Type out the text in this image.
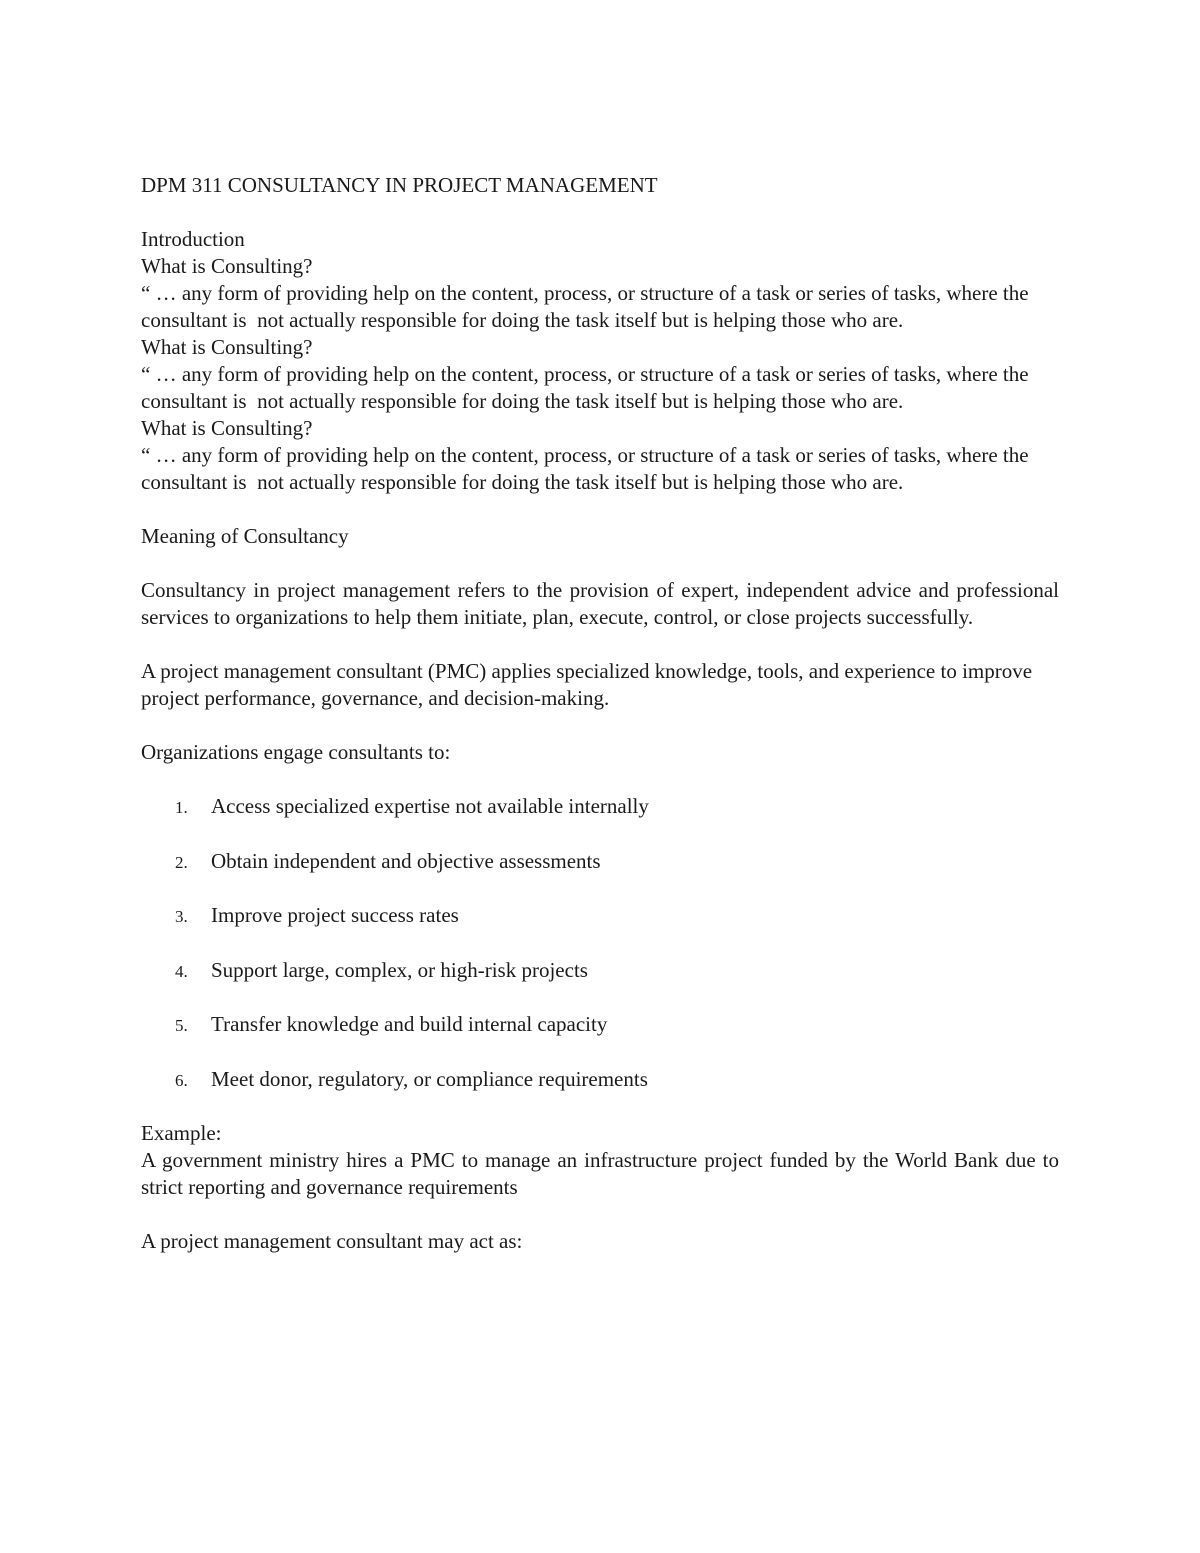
DPM 311 CONSULTANCY IN PROJECT MANAGEMENT
Introduction
What is Consulting?
“ … any form of providing help on the content, process, or structure of a task or series of tasks, where the consultant is  not actually responsible for doing the task itself but is helping those who are.
What is Consulting?
“ … any form of providing help on the content, process, or structure of a task or series of tasks, where the consultant is  not actually responsible for doing the task itself but is helping those who are.
What is Consulting?
“ … any form of providing help on the content, process, or structure of a task or series of tasks, where the consultant is  not actually responsible for doing the task itself but is helping those who are.
Meaning of Consultancy
Consultancy in project management refers to the provision of expert, independent advice and professional services to organizations to help them initiate, plan, execute, control, or close projects successfully.
A project management consultant (PMC) applies specialized knowledge, tools, and experience to improve project performance, governance, and decision-making.
Organizations engage consultants to:
1. Access specialized expertise not available internally
2. Obtain independent and objective assessments
3. Improve project success rates
4. Support large, complex, or high-risk projects
5. Transfer knowledge and build internal capacity
6. Meet donor, regulatory, or compliance requirements
Example:
A government ministry hires a PMC to manage an infrastructure project funded by the World Bank due to strict reporting and governance requirements
A project management consultant may act as:
